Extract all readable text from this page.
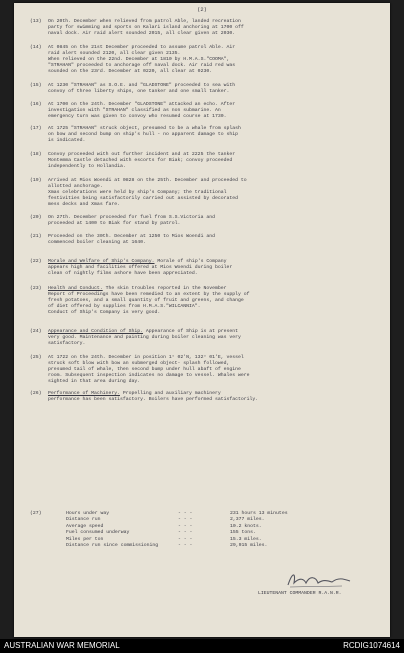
(2)
(13) On 20th. December when relieved from patrol Able, landed recreation
party for swimming and sports on Kalari island anchoring at 1700 off
naval dock. Air raid alert sounded 2015, all clear given at 2030.
(14) At 0845 on the 21st December proceeded to assume patrol Able. Air
raid alert sounded 2120, all clear given 2135.
When relieved on the 22nd. December at 1810 by H.M.A.S."COOMA",
"STRAHAN" proceeded to anchorage off naval dock. Air raid red was
sounded on the 23rd. December at 0220, all clear at 0230.
(15) At 1230 "STRAHAN" as S.O.E. and "GLADSTONE" proceeded to sea with
convoy of three liberty ships, one tanker and one small tanker.
(16) At 1700 on the 24th. December "GLADSTONE" attacked an echo. After
investigation with "STRAHAN" classified as non submarine. An
emergency turn was given to convoy who resumed course at 1730.
(17) At 1725 "STRAHAN" struck object, presumed to be a whale from splash
on bow and second bump on ship's hull - no apparent damage to ship
is indicated.
(18) Convoy proceeded with out further incident and at 2225 the tanker
Montemma Castle detached with escorts for Biak; convoy proceeded
independently to Hollandia.
(19) Arrived at Mios Woendi at 0828 on the 25th. December and proceeded to
allotted anchorage.
Xmas celebrations were held by ship's Company; the traditional
festivities being satisfactorily carried out assisted by decorated
mess decks and Xmas fare.
(20) On 27th. December proceeded for fuel from S.S.Victoria and
proceeded at 1400 to Biak for stand by patrol.
(21) Proceeded on the 30th. December at 1250 to Mios Woendi and
commenced boiler cleaning at 1640.
(22) Morale and Welfare of Ship's Company. Morale of ship's Company
appears high and facilities offered at Mios Woendi during boiler
clean of nightly films ashore have been appreciated.
(23) Health and Conduct. The skin troubles reported in the November
Report of Proceedings have been remedied to an extent by the supply of
fresh potatoes, and a small quantity of fruit and greens, and change
of diet offered by supplies from H.M.A.S."WILCANNIA".
Conduct of Ship's Company is very good.
(24) Appearance and Condition of Ship. Appearance of Ship is at present
very good. Maintenance and painting during boiler cleaning was very
satisfactory.
(25) At 1722 on the 24th. December in position 1° 02'N, 132° 01'E, vessel
struck soft blow with bow an submerged object- splash followed,
presumed tail of whale, then second bump under hull abaft of engine
room. Subsequent inspection indicates no damage to vessel. Whales were
sighted in that area during day.
(26) Performance of Machinery. Propelling and auxiliary machinery
performance has been satisfactory. Boilers have performed satisfactorily.
(27)	Hours under way	- - -	231 hours 13 minutes
Distance run	- - -	2,377 miles.
Average speed	- - -	10.2 knots.
Fuel consumed underway	- - -	155 tons.
Miles per ton	- - -	15.3 miles.
Distance run since commissioning	- - -	29,915 miles.
LIEUTENANT COMMANDER R.A.N.R.
AUSTRALIAN WAR MEMORIAL	RCDIG1074614
